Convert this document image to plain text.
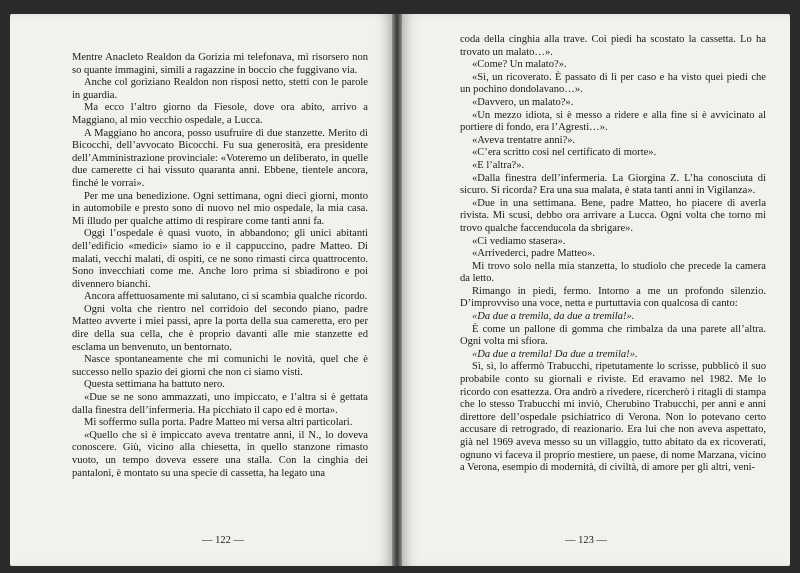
Mentre Anacleto Realdon da Gorizia mi telefonava, mi risorsero non so quante immagini, simili a ragazzine in boccio che fuggivano via.

Anche col goriziano Realdon non risposi netto, stetti con le parole in guardia.

Ma ecco l’altro giorno da Fiesole, dove ora abito, arrivo a Maggiano, al mio vecchio ospedale, a Lucca.

A Maggiano ho ancora, posso usufruire di due stanzette. Merito di Bicocchi, dell’avvocato Bicocchi. Fu sua generosità, era presidente dell’Amministrazione provinciale: «Voteremo un deliberato, in quelle due camerette ci hai vissuto quaranta anni. Ebbene, tientele ancora, finché le vorrai».

Per me una benedizione. Ogni settimana, ogni dieci giorni, monto in automobile e presto sono di nuovo nel mio ospedale, la mia casa. Mi illudo per qualche attimo di respirare come tanti anni fa.

Oggi l’ospedale è quasi vuoto, in abbandono; gli unici abitanti dell’edificio «medici» siamo io e il cappuccino, padre Matteo. Di malati, vecchi malati, di ospiti, ce ne sono rimasti circa quattrocento. Sono invecchiati come me. Anche loro prima si sbiadirono e poi divennero bianchi.

Ancora affettuosamente mi salutano, ci si scambia qualche ricordo.

Ogni volta che rientro nel corridoio del secondo piano, padre Matteo avverte i miei passi, apre la porta della sua cameretta, ero per dire della sua cella, che è proprio davanti alle mie stanzette ed esclama un benvenuto, un bentornato.

Nasce spontaneamente che mi comunichi le novità, quel che è successo nello spazio dei giorni che non ci siamo visti.

Questa settimana ha battuto nero.

«Due se ne sono ammazzati, uno impiccato, e l’altra si è gettata dalla finestra dell’infermeria. Ha picchiato il capo ed è morta».

Mi soffermo sulla porta. Padre Matteo mi versa altri particolari.

«Quello che si è impiccato aveva trentatre anni, il N., lo doveva conoscere. Giù, vicino alla chiesetta, in quello stanzone rimasto vuoto, un tempo doveva essere una stalla. Con la cinghia dei pantaloni, è montato su una specie di cassetta, ha legato una

— 122 —

coda della cinghia alla trave. Coi piedi ha scostato la cassetta. Lo ha trovato un malato…».

«Come? Un malato?».

«Sì, un ricoverato. È passato di lì per caso e ha visto quei piedi che un pochino dondolavano…».

«Davvero, un malato?».

«Un mezzo idiota, si è messo a ridere e alla fine si è avvicinato al portiere di fondo, era l’Agresti…».

«Aveva trentatre anni?».

«C’era scritto così nel certificato di morte».

«E l’altra?».

«Dalla finestra dell’infermeria. La Giorgina Z. L’ha conosciuta di sicuro. Si ricorda? Era una sua malata, è stata tanti anni in Vigilanza».

«Due in una settimana. Bene, padre Matteo, ho piacere di averla rivista. Mi scusi, debbo ora arrivare a Lucca. Ogni volta che torno mi trovo qualche faccenducola da sbrigare».

«Ci vediamo stasera».

«Arrivederci, padre Matteo».

Mi trovo solo nella mia stanzetta, lo studiolo che precede la camera da letto.

Rimango in piedi, fermo. Intorno a me un profondo silenzio. D’improvviso una voce, netta e purtuttavia con qualcosa di canto:

«Da due a tremila, da due a tremila!».

È come un pallone di gomma che rimbalza da una parete all’altra. Ogni volta mi sfiora.

«Da due a tremila! Da due a tremila!».

Sì, sì, lo affermò Trabucchi, ripetutamente lo scrisse, pubblicò il suo probabile conto su giornali e riviste. Ed eravamo nel 1982. Me lo ricordo con esattezza. Ora andrò a rivedere, ricercherò i ritagli di stampa che lo stesso Trabucchi mi inviò, Cherubino Trabucchi, per anni e anni direttore dell’ospedale psichiatrico di Verona. Non lo potevano certo accusare di retrogrado, di reazionario. Era lui che non aveva aspettato, già nel 1969 aveva messo su un villaggio, tutto abitato da ex ricoverati, ognuno vi faceva il proprio mestiere, un paese, di nome Marzana, vicino a Verona, esempio di modernità, di civiltà, di amore per gli altri, veni-

— 123 —
